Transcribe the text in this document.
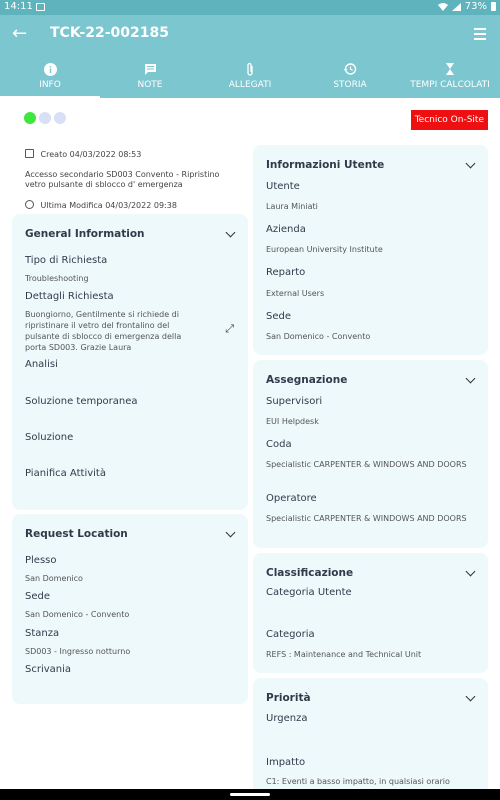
14:11	73%
← TCK-22-002185
INFO	NOTE	ALLEGATI	STORIA	TEMPI CALCOLATI
Tecnico On-Site
Creato 04/03/2022 08:53
Accesso secondario SD003 Convento - Ripristino vetro pulsante di sblocco d' emergenza
Ultima Modifica 04/03/2022 09:38
General Information
Tipo di Richiesta
Troubleshooting
Dettagli Richiesta
Buongiorno, Gentilmente si richiede di ripristinare il vetro del frontalino del pulsante di sblocco di emergenza della porta SD003. Grazie Laura
⤢
Analisi
Soluzione temporanea
Soluzione
Pianifica Attività
Request Location
Plesso
San Domenico
Sede
San Domenico - Convento
Stanza
SD003 - Ingresso notturno
Scrivania
Informazioni Utente
Utente
Laura Miniati
Azienda
European University Institute
Reparto
External Users
Sede
San Domenico - Convento
Assegnazione
Supervisori
EUI Helpdesk
Coda
Specialistic CARPENTER & WINDOWS AND DOORS
Operatore
Specialistic CARPENTER & WINDOWS AND DOORS
Classificazione
Categoria Utente
Categoria
REFS : Maintenance and Technical Unit
Priorità
Urgenza
Impatto
C1: Eventi a basso impatto, in qualsiasi orario
